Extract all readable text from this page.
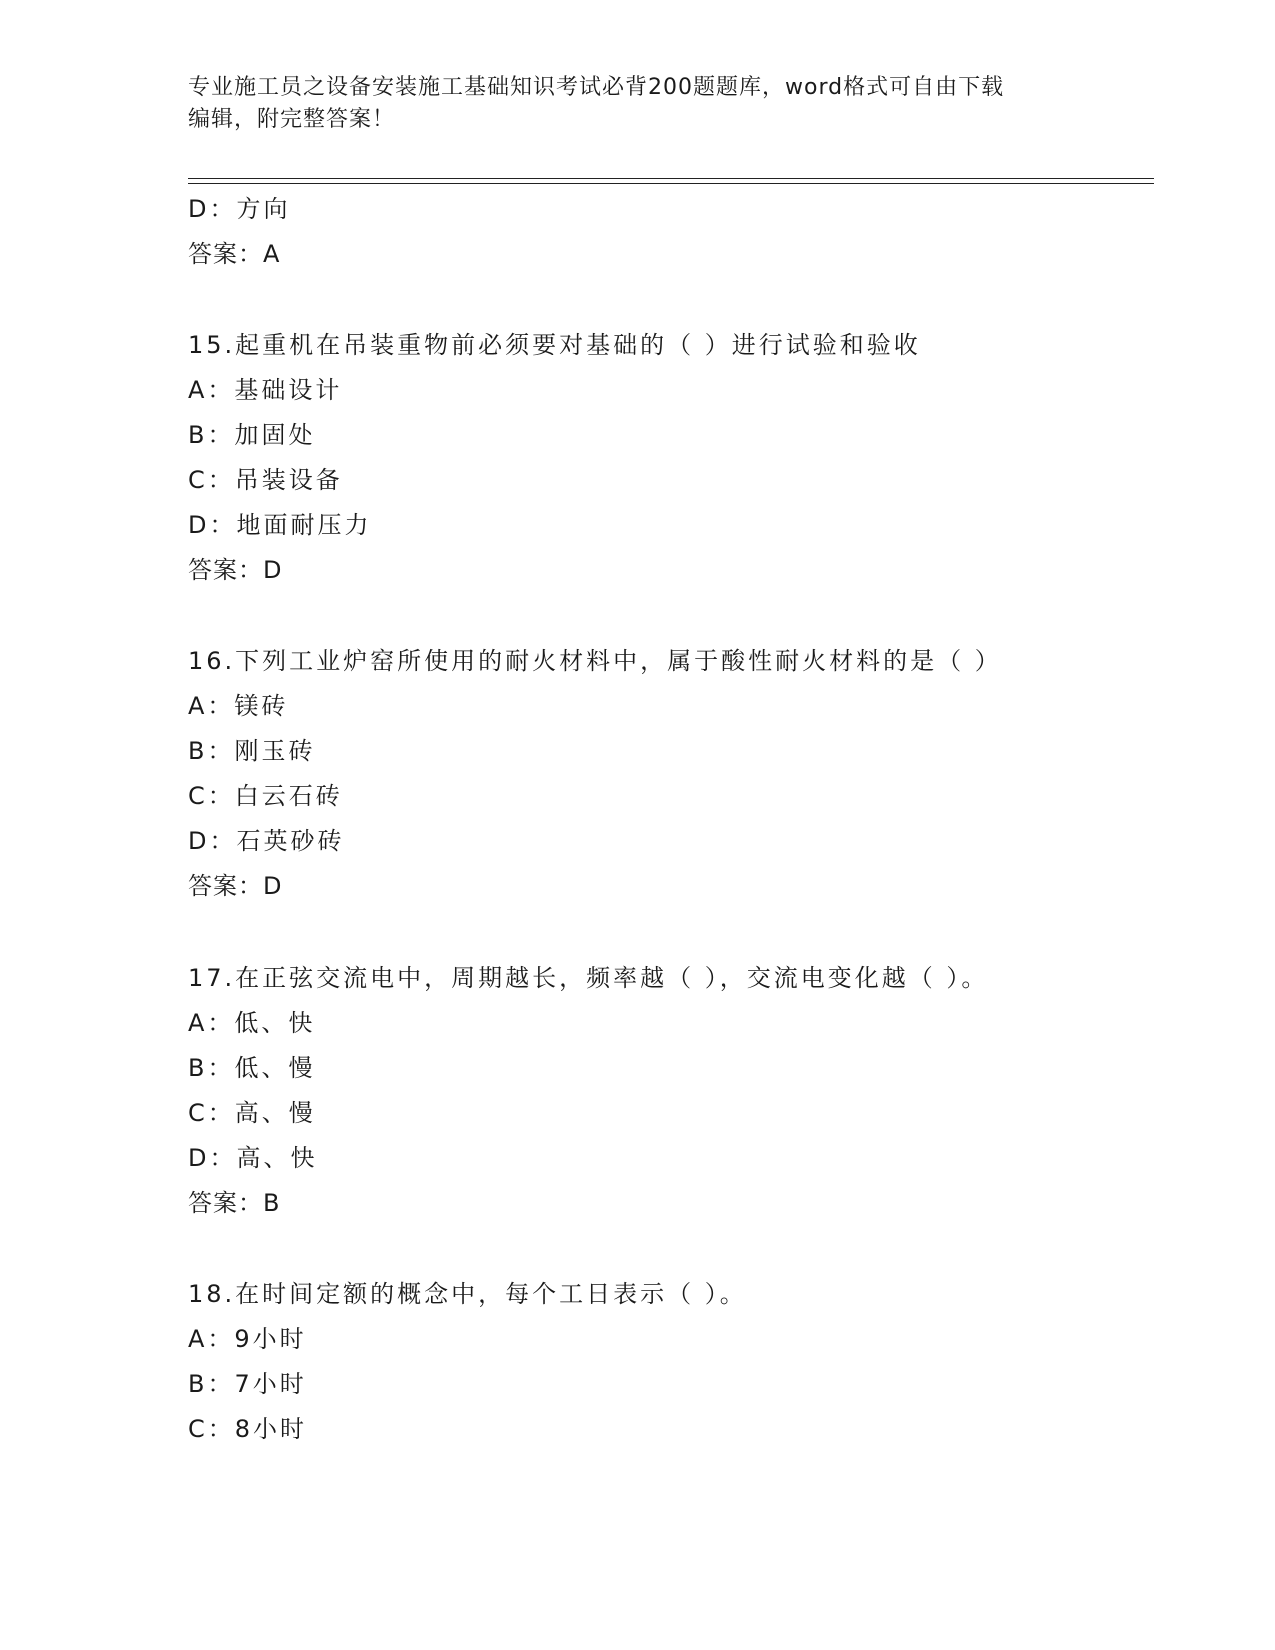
专业施工员之设备安装施工基础知识考试必背200题题库，word格式可自由下载
编辑，附完整答案！
D：方向
答案：A
15.起重机在吊装重物前必须要对基础的（ ）进行试验和验收
A：基础设计
B：加固处
C：吊装设备
D：地面耐压力
答案：D
16.下列工业炉窑所使用的耐火材料中，属于酸性耐火材料的是（ ）
A：镁砖
B：刚玉砖
C：白云石砖
D：石英砂砖
答案：D
17.在正弦交流电中，周期越长，频率越（ ），交流电变化越（ ）。
A：低、快
B：低、慢
C：高、慢
D：高、快
答案：B
18.在时间定额的概念中，每个工日表示（ ）。
A：9小时
B：7小时
C：8小时
